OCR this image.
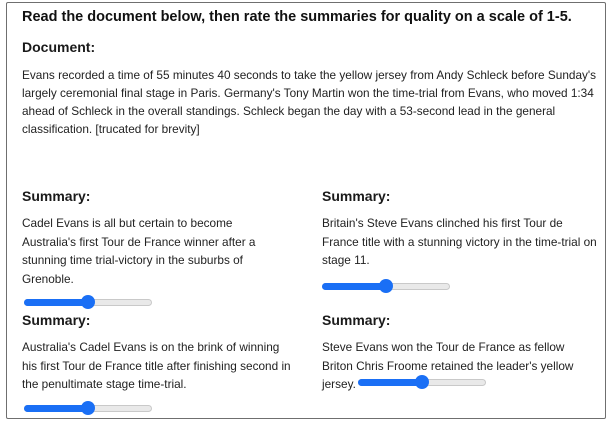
Read the document below, then rate the summaries for quality on a scale of 1-5.
Document:
Evans recorded a time of 55 minutes 40 seconds to take the yellow jersey from Andy Schleck before Sunday's largely ceremonial final stage in Paris. Germany's Tony Martin won the time-trial from Evans, who moved 1:34 ahead of Schleck in the overall standings. Schleck began the day with a 53-second lead in the general classification. [trucated for brevity]
Summary:
Cadel Evans is all but certain to become Australia's first Tour de France winner after a stunning time trial-victory in the suburbs of Grenoble.
Summary:
Britain's Steve Evans clinched his first Tour de France title with a stunning victory in the time-trial on stage 11.
Summary:
Australia's Cadel Evans is on the brink of winning his first Tour de France title after finishing second in the penultimate stage time-trial.
Summary:
Steve Evans won the Tour de France as fellow Briton Chris Froome retained the leader's yellow jersey.
